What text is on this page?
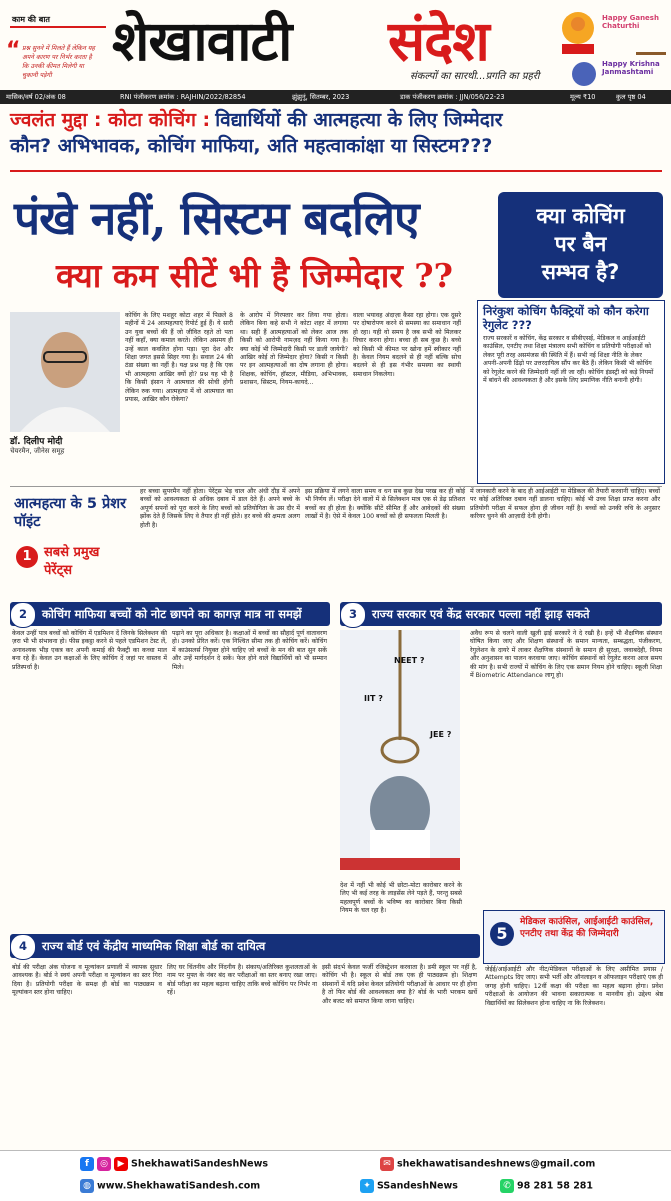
काम की बात
“ प्रश्न सुनने में मिलते हैं लेकिन यह अपने कारण पर निर्भर करता है कि उनकी कीमत मिलेगी या चुकानी पड़ेगी
शेखावाटी संदेश
संकल्पों का सारथी...प्रगति का प्रहरी
Happy Ganesh Chaturthi
Happy Krishna Janmashtami
मासिक/वर्ष 02/अंक 08	RNI पंजीकरण क्रमांक : RAJHIN/2022/82854	झुंझुनूं, सितम्बर, 2023	डाक पंजीकरण क्रमांक : JJN/056/22-23	मूल्य ₹10	कुल पृष्ठ 04
ज्वलंत मुद्दा : कोटा कोचिंग : विद्यार्थियों की आत्महत्या के लिए जिम्मेदार
कौन? अभिभावक, कोचिंग माफिया, अति महत्वाकांक्षा या सिस्टम???
पंखे नहीं, सिस्टम बदलिए
क्या कम सीटें भी है जिम्मेदार ??
क्या कोचिंग
पर बैन
सम्भव है?
डॉ. दिलीप मोदी
चेयरमैन, जीनेस समूह

कोचिंग के लिए मशहूर कोटा शहर में पिछले 8 महीनों में 24 आत्महत्याएं रिपोर्ट हुई हैं। ये सारी उन युवा बच्चों की हैं जो जीवित रहते तो पता नहीं कहाँ, क्या कमाल करते। लेकिन असमय ही उन्हें काल कवलित होना पड़ा। पूरा देश और शिक्षा जगत इससे सिहर गया है। सवाल 24 की ठंडा संख्या का नहीं है। यक्ष प्रश्न यह है कि एक भी आत्महत्या आखिर क्यों हो? प्रश्न यह भी है कि किसी इंसान ने आत्मघात की सोची होगी लेकिन रुक गया। आत्महत्या में वो आत्मघात का प्रयास, आखिर कौन रोकेगा?

के आरोप में गिरफ्तार कर लिया गया होता। लेकिन बिना कहे सभी ने कोटा शहर में लगाया था। सही हैं आत्महत्याओं को लेकर आज तक किसी को आरोपी नामज़द नहीं किया गया है। क्या कोई भी जिम्मेदारी किसी पर डाली जायेगी? आखिर कोई तो जिम्मेदार होगा? किसी न किसी पर इन आत्महत्याओं का दोष लगाना ही होगा। शिक्षक, कोचिंग, हॉस्टल, मीडिया, अभिभावक, प्रशासन, सिस्टम, नियम-कायदे...

वाला भयावह अंदाज़ा कैसा रहा होगा। एक दूसरे पर दोषारोपण करने से समस्या का समाधान नहीं हो रहा। यही वो समय है जब सभी को मिलकर विचार करना होगा। बच्चा ही सब कुछ है। बच्चे को किसी भी कीमत पर खोना हमें स्वीकार नहीं है। केवल नियम बदलने से ही नहीं बल्कि सोच बदलने से ही इस गंभीर समस्या का स्थायी समाधान निकलेगा।

निरंकुश कोचिंग फैक्ट्रियों को कौन करेगा रेगुलेट ???
राज्य सरकारें व कोचिंग, केंद्र सरकार व सीबीएसई, मेडिकल व आईआईटी काउंसिल, एनटीए तथा शिक्षा मंत्रालय सभी कोचिंग व प्रतियोगी परीक्षाओं को लेकर पूरी तरह असमंजस की स्थिति में हैं। सभी नई शिक्षा नीति के लेकर अपनी-अपनी ढिंढ़ो पर उत्तरदायित्व सौंप कर बैठे हैं। लेकिन किसी भी कोचिंग को रेगुलेट करने की जिम्मेदारी नहीं ली जा रही। कोचिंग इंडस्ट्री को कड़े नियमों में बांधने की आवश्यकता है और इसके लिए प्रमाणिक नीति बनानी होगी।
आत्महत्या के 5 प्रेशर पॉइंट
1 सबसे प्रमुख
पेरेंट्स

हर बच्चा सुपरमैन नहीं होता। पेरेंट्स भेड़ चाल और अंधी दौड़ में अपने बच्चों को आवश्यकता से अधिक दबाव में डाल देते हैं। अपने बच्चे के अपूर्ण सपनों को पूरा करने के लिए बच्चों को प्रतियोगिता के उस दौर में झोंक देते हैं जिसके लिए वे तैयार ही नहीं होते। हर बच्चे की क्षमता अलग होती है।

इस प्रक्रिया में लगने वाला समय व धन सब कुछ देख परख कर ही कोई भी निर्णय लें। परीक्षा देने वालों में से सिलेक्शन मात्र एक से डेढ़ प्रतिशत बच्चों का ही होता है। क्योंकि सीटें सीमित हैं और आवेदकों की संख्या लाखों में है। ऐसे में केवल 100 बच्चों को ही सफलता मिलती है।

में जानकारी करने के बाद ही आईआईटी या मेडिकल की तैयारी करवानी चाहिए। बच्चों पर कोई अतिरिक्त दबाव नहीं डालना चाहिए। कोई भी उच्च शिक्षा प्राप्त करना और प्रतियोगी परीक्षा में सफल होना ही जीवन नहीं है। बच्चों को उनकी रुचि के अनुसार करियर चुनने की आज़ादी देनी होगी।

2 कोचिंग माफिया बच्चों को नोट छापने का कागज़ मात्र ना समझें

केवल उन्हीं पात्र बच्चों को कोचिंग में एडमिशन दें जिनके सिलेक्शन की ज़रा भी भी संभावना हो। फीस इकट्ठा करने से पहले एडमिशन टेस्ट लें, अनावश्यक भीड़ एकत्र कर अपनी कमाई की फैक्ट्री का कच्चा माल बना रहे हैं। केवल उन कक्षाओं के लिए कोचिंग दें जहां पर वास्तव में प्रतिस्पर्धा है।

पढ़ाने का पूरा अधिकार है। कक्षाओं में बच्चों का सौहार्द पूर्ण वातावरण हो। उनको प्रेरित करें। एक निश्चित सीमा तक ही कोचिंग करें। कोचिंग में काउंसलर्स नियुक्त होने चाहिए जो बच्चों के मन की बात सुन सकें और उन्हें मार्गदर्शन दे सकें। फेल होने वाले विद्यार्थियों को भी सम्मान मिले।

3 राज्य सरकार एवं केंद्र सरकार पल्ला नहीं झाड़ सकते
NEET ?
IIT ?
JEE ?

देश में नहीं भी कोई भी छोटा-मोटा कारोबार करने के लिए भी कई तरह के लाइसेंस लेने पड़ते हैं, परन्तु सबसे महत्वपूर्ण बच्चों के भविष्य का कारोबार बिना किसी नियम के चल रहा है।

अवैध रूप से चलने वाली खुली ढ़ाई सरकारें ने दे रखी है। इन्हें भी शैक्षणिक संस्थान घोषित किया जाए और शिक्षण संस्थानों के समान मान्यता, सम्बद्धता, पंजीकरण, रेगुलेशन के दायरे में लाकर शैक्षणिक संस्थानों के समान ही सुरक्षा, जवाबदेही, नियम और अनुशासन का पालन करवाया जाए। कोचिंग संस्थानों को रेगुलेट करना आज समय की मांग है। सभी राज्यों में कोचिंग के लिए एक समान नियम होने चाहिए। स्कूली शिक्षा में Biometric Attendance लागू हो।

4 राज्य बोर्ड एवं केंद्रीय माध्यमिक शिक्षा बोर्ड का दायित्व

बोर्ड की परीक्षा अंक योजना व मूल्यांकन प्रणाली में व्यापक सुधार आवश्यक है। बोर्ड ने स्वयं अपनी परीक्षा व मूल्यांकन का स्तर गिरा दिया है। प्रतियोगी परीक्षा के समक्ष ही बोर्ड का पाठ्यक्रम व मूल्यांकन स्तर होना चाहिए।

लिए घर चिंतनीय और निंदनीय है। संकाय/अतिरिक्त कुशलताओं के नाम पर मुफ्त के नंबर बंद कर परीक्षाओं का स्तर बनाए रखा जाए। बोर्ड परीक्षा का महत्व बढ़ाना चाहिए ताकि बच्चे कोचिंग पर निर्भर ना रहें।

इसी संदर्भ केवल फर्जी रजिस्ट्रेशन करवाता है। डमी स्कूल पर नहीं है, कोचिंग भी है। स्कूल से बोर्ड तक एक ही पाठ्यक्रम हो। शिक्षण संस्थानों में यदि प्रवेश केवल प्रतियोगी परीक्षाओं के आधार पर ही होना है तो फिर बोर्ड की आवश्यकता क्या है? बोर्ड के भारी भरकम खर्चे और बजट को समाप्त किया जाना चाहिए।

मेडिकल काउंसिल, आईआईटी काउंसिल, एनटीए तथा केंद्र की जिम्मेदारी
5

जेईई/आईआईटी और नीट/मेडिकल परीक्षाओं के लिए असीमित प्रयास / Attempts दिए जाए। सभी भर्ती और ऑनलाइन व ऑफलाइन परीक्षाएं एक ही जगह होनी चाहिए। 12वीं कक्षा की परीक्षा का महत्व बढ़ाना होगा। प्रवेश परीक्षाओं के आयोजन की भावना सकारात्मक व मानवीय हो। उद्देश्य श्रेष्ठ विद्यार्थियों का सिलेक्शन होना चाहिए ना कि रिजेक्शन।

f ◎ ▶ ShekhawatiSandeshNews	✉ shekhawatisandeshnews@gmail.com
◍ www.ShekhawatiSandesh.com	✦ SSandeshNews	✆ 98 281 58 281
